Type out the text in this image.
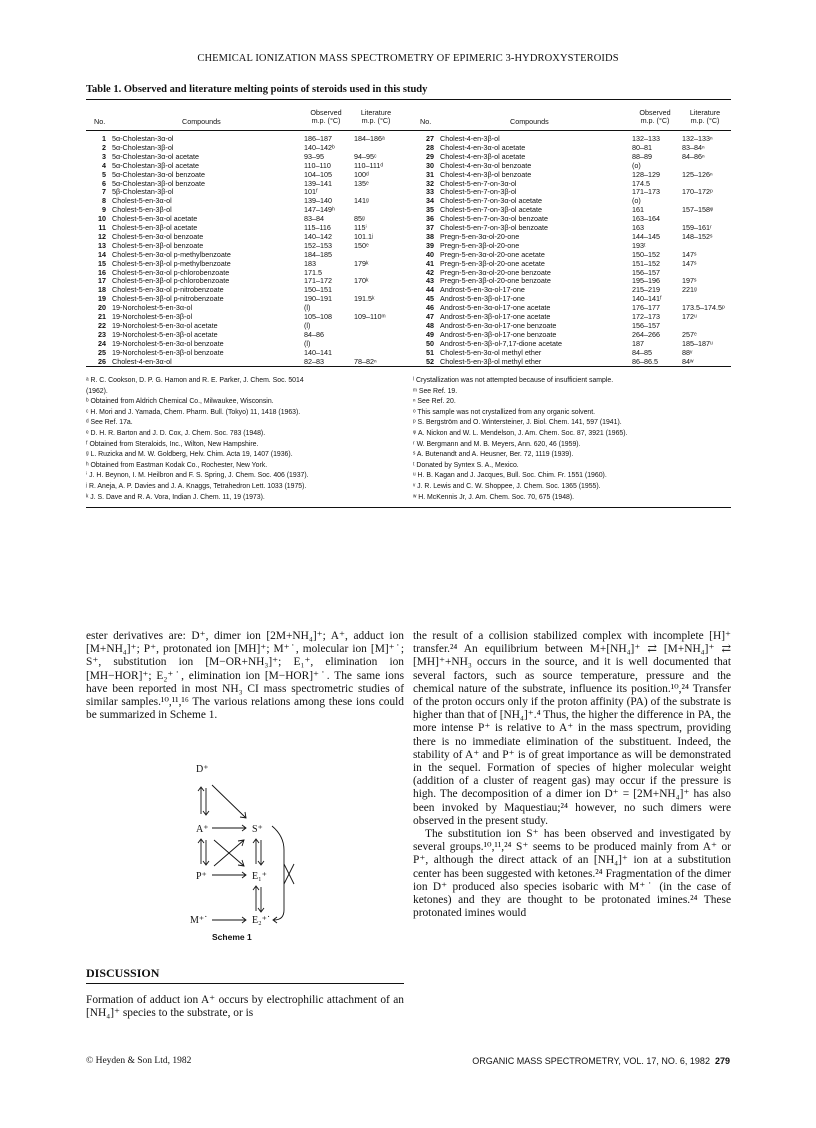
CHEMICAL IONIZATION MASS SPECTROMETRY OF EPIMERIC 3-HYDROXYSTEROIDS
Table 1. Observed and literature melting points of steroids used in this study
No.	Compounds
Observed m.p. (°C)
Literature m.p. (°C)	No.	Compounds
Observed m.p. (°C)
Literature m.p. (°C)
1 5α-Cholestan-3α-ol	186–187	184–186ᵃ
2 5α-Cholestan-3β-ol	140–142ᵇ
3 5α-Cholestan-3α-ol acetate	93–95	94–95ᶜ
4 5α-Cholestan-3β-ol acetate	110–110	110–111ᵈ
5 5α-Cholestan-3α-ol benzoate	104–105	100ᵈ
6 5α-Cholestan-3β-ol benzoate	139–141	135ᵉ
7 5β-Cholestan-3β-ol	101ᶠ
8 Cholest-5-en-3α-ol	139–140	141ᵍ
9 Cholest-5-en-3β-ol	147–149ʰ
10 Cholest-5-en-3α-ol acetate	83–84	85ᵍ
11 Cholest-5-en-3β-ol acetate	115–116	115ⁱ
12 Cholest-5-en-3α-ol benzoate	140–142	101.1ʲ
13 Cholest-5-en-3β-ol benzoate	152–153	150ᵉ
14 Cholest-5-en-3α-ol p-methylbenzoate	184–185
15 Cholest-5-en-3β-ol p-methylbenzoate	183	179ᵏ
16 Cholest-5-en-3α-ol p-chlorobenzoate	171.5
17 Cholest-5-en-3β-ol p-chlorobenzoate	171–172	170ᵏ
18 Cholest-5-en-3α-ol p-nitrobenzoate	150–151
19 Cholest-5-en-3β-ol p-nitrobenzoate	190–191	191.5ᵏ
20 19-Norcholest-5-en-3α-ol	(l)
21 19-Norcholest-5-en-3β-ol	105–108	109–110ᵐ
22 19-Norcholest-5-en-3α-ol acetate	(l)
23 19-Norcholest-5-en-3β-ol acetate	84–86
24 19-Norcholest-5-en-3α-ol benzoate	(l)
25 19-Norcholest-5-en-3β-ol benzoate	140–141
26 Cholest-4-en-3α-ol	82–83	78–82ⁿ
27 Cholest-4-en-3β-ol	132–133	132–133ⁿ
28 Cholest-4-en-3α-ol acetate	80–81	83–84ⁿ
29 Cholest-4-en-3β-ol acetate	88–89	84–86ⁿ
30 Cholest-4-en-3α-ol benzoate	(o)
31 Cholest-4-en-3β-ol benzoate	128–129	125–126ⁿ
32 Cholest-5-en-7-on-3α-ol	174.5
33 Cholest-5-en-7-on-3β-ol	171–173	170–172ᵖ
34 Cholest-5-en-7-on-3α-ol acetate	(o)
35 Cholest-5-en-7-on-3β-ol acetate	161	157–158ᵠ
36 Cholest-5-en-7-on-3α-ol benzoate	163–164
37 Cholest-5-en-7-on-3β-ol benzoate	163	159–161ʳ
38 Pregn-5-en-3α-ol-20-one	144–145	148–152ˢ
39 Pregn-5-en-3β-ol-20-one	193ᵗ
40 Pregn-5-en-3α-ol-20-one acetate	150–152	147ˢ
41 Pregn-5-en-3β-ol-20-one acetate	151–152	147ˢ
42 Pregn-5-en-3α-ol-20-one benzoate	156–157
43 Pregn-5-en-3β-ol-20-one benzoate	195–196	197ˢ
44 Androst-5-en-3α-ol-17-one	215–219	221ᵍ
45 Androst-5-en-3β-ol-17-one	140–141ᶠ
46 Androst-5-en-3α-ol-17-one acetate	176–177	173.5–174.5ᵖ
47 Androst-5-en-3β-ol-17-one acetate	172–173	172ᵘ
48 Androst-5-en-3α-ol-17-one benzoate	156–157
49 Androst-5-en-3β-ol-17-one benzoate	264–266	257ᵉ
50 Androst-5-en-3β-ol-7,17-dione acetate	187	185–187ᵘ
51 Cholest-5-en-3α-ol methyl ether	84–85	88ᵛ
52 Cholest-5-en-3β-ol methyl ether	86–86.5	84ʷ
ᵃ R. C. Cookson, D. P. G. Hamon and R. E. Parker, J. Chem. Soc. 5014
(1962).
ᵇ Obtained from Aldrich Chemical Co., Milwaukee, Wisconsin.
ᶜ H. Mori and J. Yamada, Chem. Pharm. Bull. (Tokyo) 11, 1418 (1963).
ᵈ See Ref. 17a.
ᵉ D. H. R. Barton and J. D. Cox, J. Chem. Soc. 783 (1948).
ᶠ Obtained from Steraloids, Inc., Wilton, New Hampshire.
ᵍ L. Ruzicka and M. W. Goldberg, Helv. Chim. Acta 19, 1407 (1936).
ʰ Obtained from Eastman Kodak Co., Rochester, New York.
ⁱ J. H. Beynon, I. M. Heilbron and F. S. Spring, J. Chem. Soc. 406 (1937).
ʲ R. Aneja, A. P. Davies and J. A. Knaggs, Tetrahedron Lett. 1033 (1975).
ᵏ J. S. Dave and R. A. Vora, Indian J. Chem. 11, 19 (1973).
ˡ Crystallization was not attempted because of insufficient sample.
ᵐ See Ref. 19.
ⁿ See Ref. 20.
ᵒ This sample was not crystallized from any organic solvent.
ᵖ S. Bergström and O. Wintersteiner, J. Biol. Chem. 141, 597 (1941).
ᵠ A. Nickon and W. L. Mendelson, J. Am. Chem. Soc. 87, 3921 (1965).
ʳ W. Bergmann and M. B. Meyers, Ann. 620, 46 (1959).
ˢ A. Butenandt and A. Heusner, Ber. 72, 1119 (1939).
ᵗ Donated by Syntex S. A., Mexico.
ᵘ H. B. Kagan and J. Jacques, Bull. Soc. Chim. Fr. 1551 (1960).
ᵛ J. R. Lewis and C. W. Shoppee, J. Chem. Soc. 1365 (1955).
ʷ H. McKennis Jr, J. Am. Chem. Soc. 70, 675 (1948).

ester derivatives are: D⁺, dimer ion [2M+NH₄]⁺; A⁺, adduct ion [M+NH₄]⁺; P⁺, protonated ion [MH]⁺; M⁺˙, molecular ion [M]⁺˙; S⁺, substitution ion [M−OR+NH₃]⁺; E₁⁺, elimination ion [MH−HOR]⁺; E₂⁺˙, elimination ion [M−HOR]⁺˙. The same ions have been reported in most NH₃ CI mass spectrometric studies of similar samples.¹⁰,¹¹,¹⁶ The various relations among these ions could be summarized in Scheme 1.

D⁺
A⁺	S⁺
P⁺	E₁⁺
M⁺˙	E₂⁺˙
Scheme 1
DISCUSSION

Formation of adduct ion A⁺ occurs by electrophilic attachment of an [NH₄]⁺ species to the substrate, or is

the result of a collision stabilized complex with incomplete [H]⁺ transfer.²⁴ An equilibrium between M+[NH₄]⁺ ⇄ [M+NH₄]⁺ ⇄ [MH]⁺+NH₃ occurs in the source, and it is well documented that several factors, such as source temperature, pressure and the chemical nature of the substrate, influence its position.¹⁰,²⁴ Transfer of the proton occurs only if the proton affinity (PA) of the substrate is higher than that of [NH₄]⁺.⁴ Thus, the higher the difference in PA, the more intense P⁺ is relative to A⁺ in the mass spectrum, providing there is no immediate elimination of the substituent. Indeed, the stability of A⁺ and P⁺ is of great importance as will be demonstrated in the sequel. Formation of species of higher molecular weight (addition of a cluster of reagent gas) may occur if the pressure is high. The decomposition of a dimer ion D⁺ = [2M+NH₄]⁺ has also been invoked by Maquestiau;²⁴ however, no such dimers were observed in the present study.

The substitution ion S⁺ has been observed and investigated by several groups.¹⁰,¹¹,²⁴ S⁺ seems to be produced mainly from A⁺ or P⁺, although the direct attack of an [NH₄]⁺ ion at a substitution center has been suggested with ketones.²⁴ Fragmentation of the dimer ion D⁺ produced also species isobaric with M⁺˙ (in the case of ketones) and they are thought to be protonated imines.²⁴ These protonated imines would

© Heyden & Son Ltd, 1982	ORGANIC MASS SPECTROMETRY, VOL. 17, NO. 6, 1982 279
